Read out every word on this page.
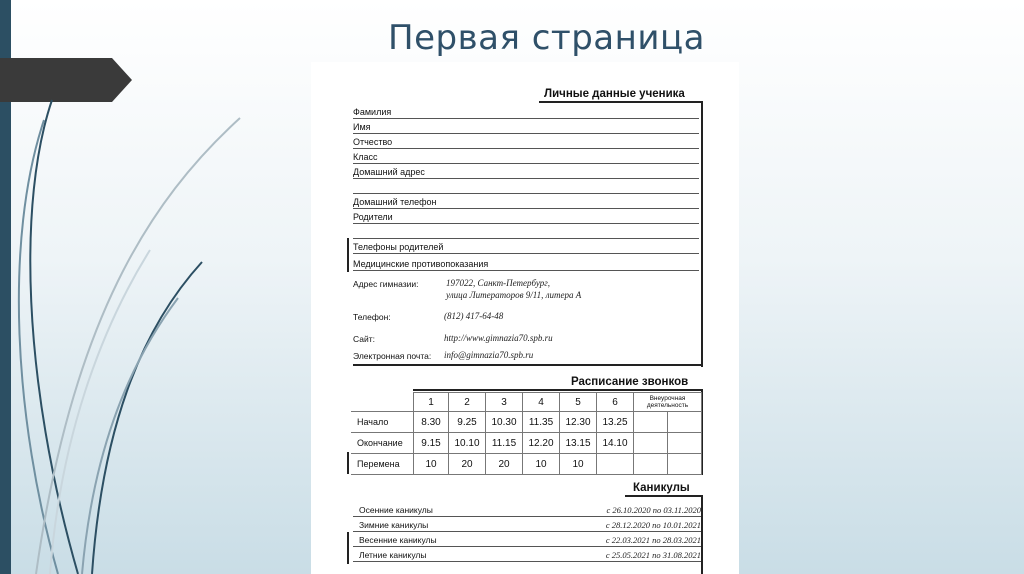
Первая страница
Личные данные ученика
Фамилия
Имя
Отчество
Класс
Домашний адрес
Домашний телефон
Родители
Телефоны родителей
Медицинские противопоказания
Адрес гимназии:	197022, Санкт-Петербург,
улица Литераторов 9/11, литера А
Телефон:	(812) 417-64-48
Сайт:	http://www.gimnazia70.spb.ru
Электронная почта: info@gimnazia70.spb.ru
Расписание звонков
	1	2	3	4	5	6	Внеурочная деятельность	
Начало	8.30	9.25	10.30	11.35	12.30	13.25		
Окончание	9.15	10.10	11.15	12.20	13.15	14.10		
Перемена	10	20	20	10	10			
Каникулы
Осенние каникулы	с 26.10.2020 по 03.11.2020
Зимние каникулы	с 28.12.2020 по 10.01.2021
Весенние каникулы	с 22.03.2021 по 28.03.2021
Летние каникулы	с 25.05.2021 по 31.08.2021
